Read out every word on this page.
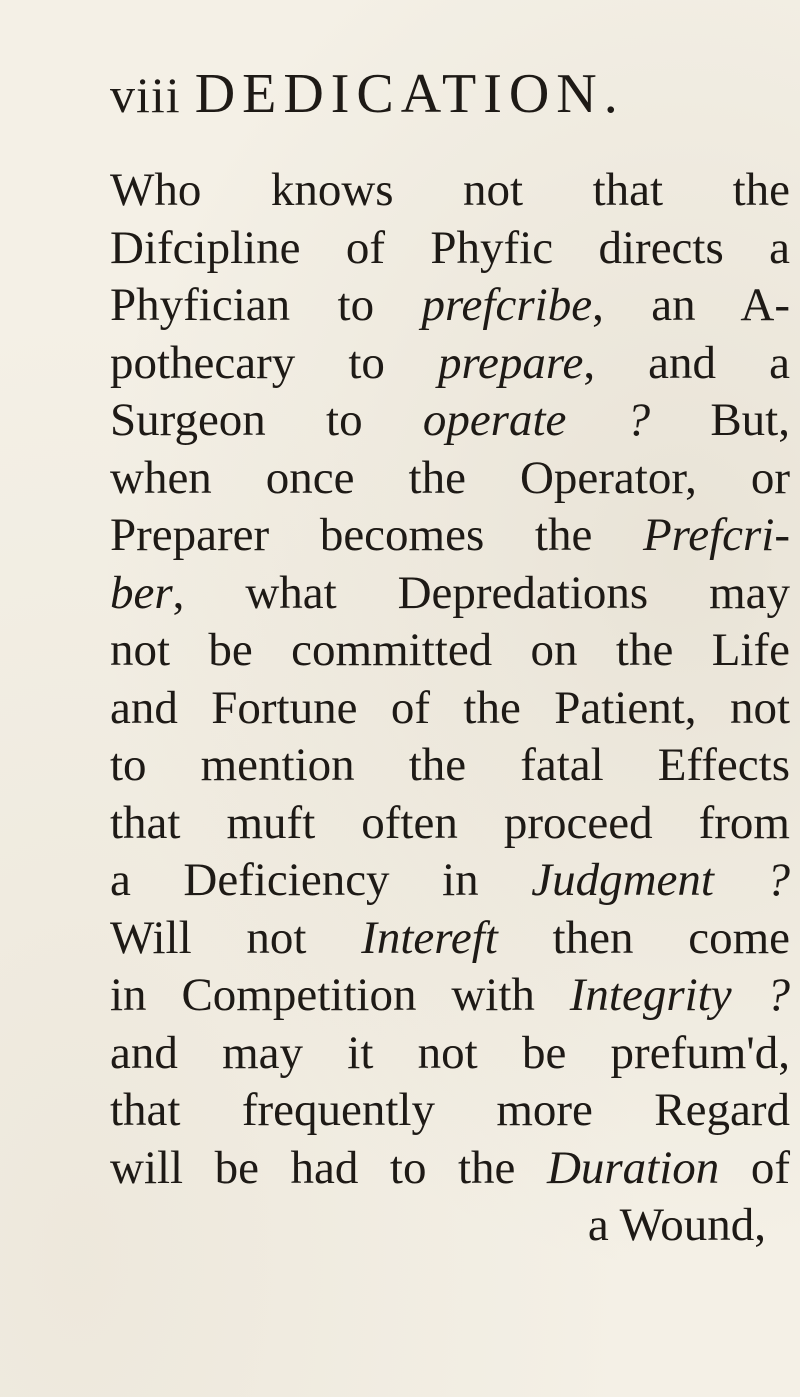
viii DEDICATION.
Who knows not that the
Difcipline of Phyfic directs a
Phyfician to prefcribe, an A-
pothecary to prepare, and a
Surgeon to operate ? But,
when once the Operator, or
Preparer becomes the Prefcri-
ber, what Depredations may
not be committed on the Life
and Fortune of the Patient, not
to mention the fatal Effects
that muft often proceed from
a Deficiency in Judgment ?
Will not Intereft then come
in Competition with Integrity ?
and may it not be prefum'd,
that frequently more Regard
will be had to the Duration of
a Wound,
